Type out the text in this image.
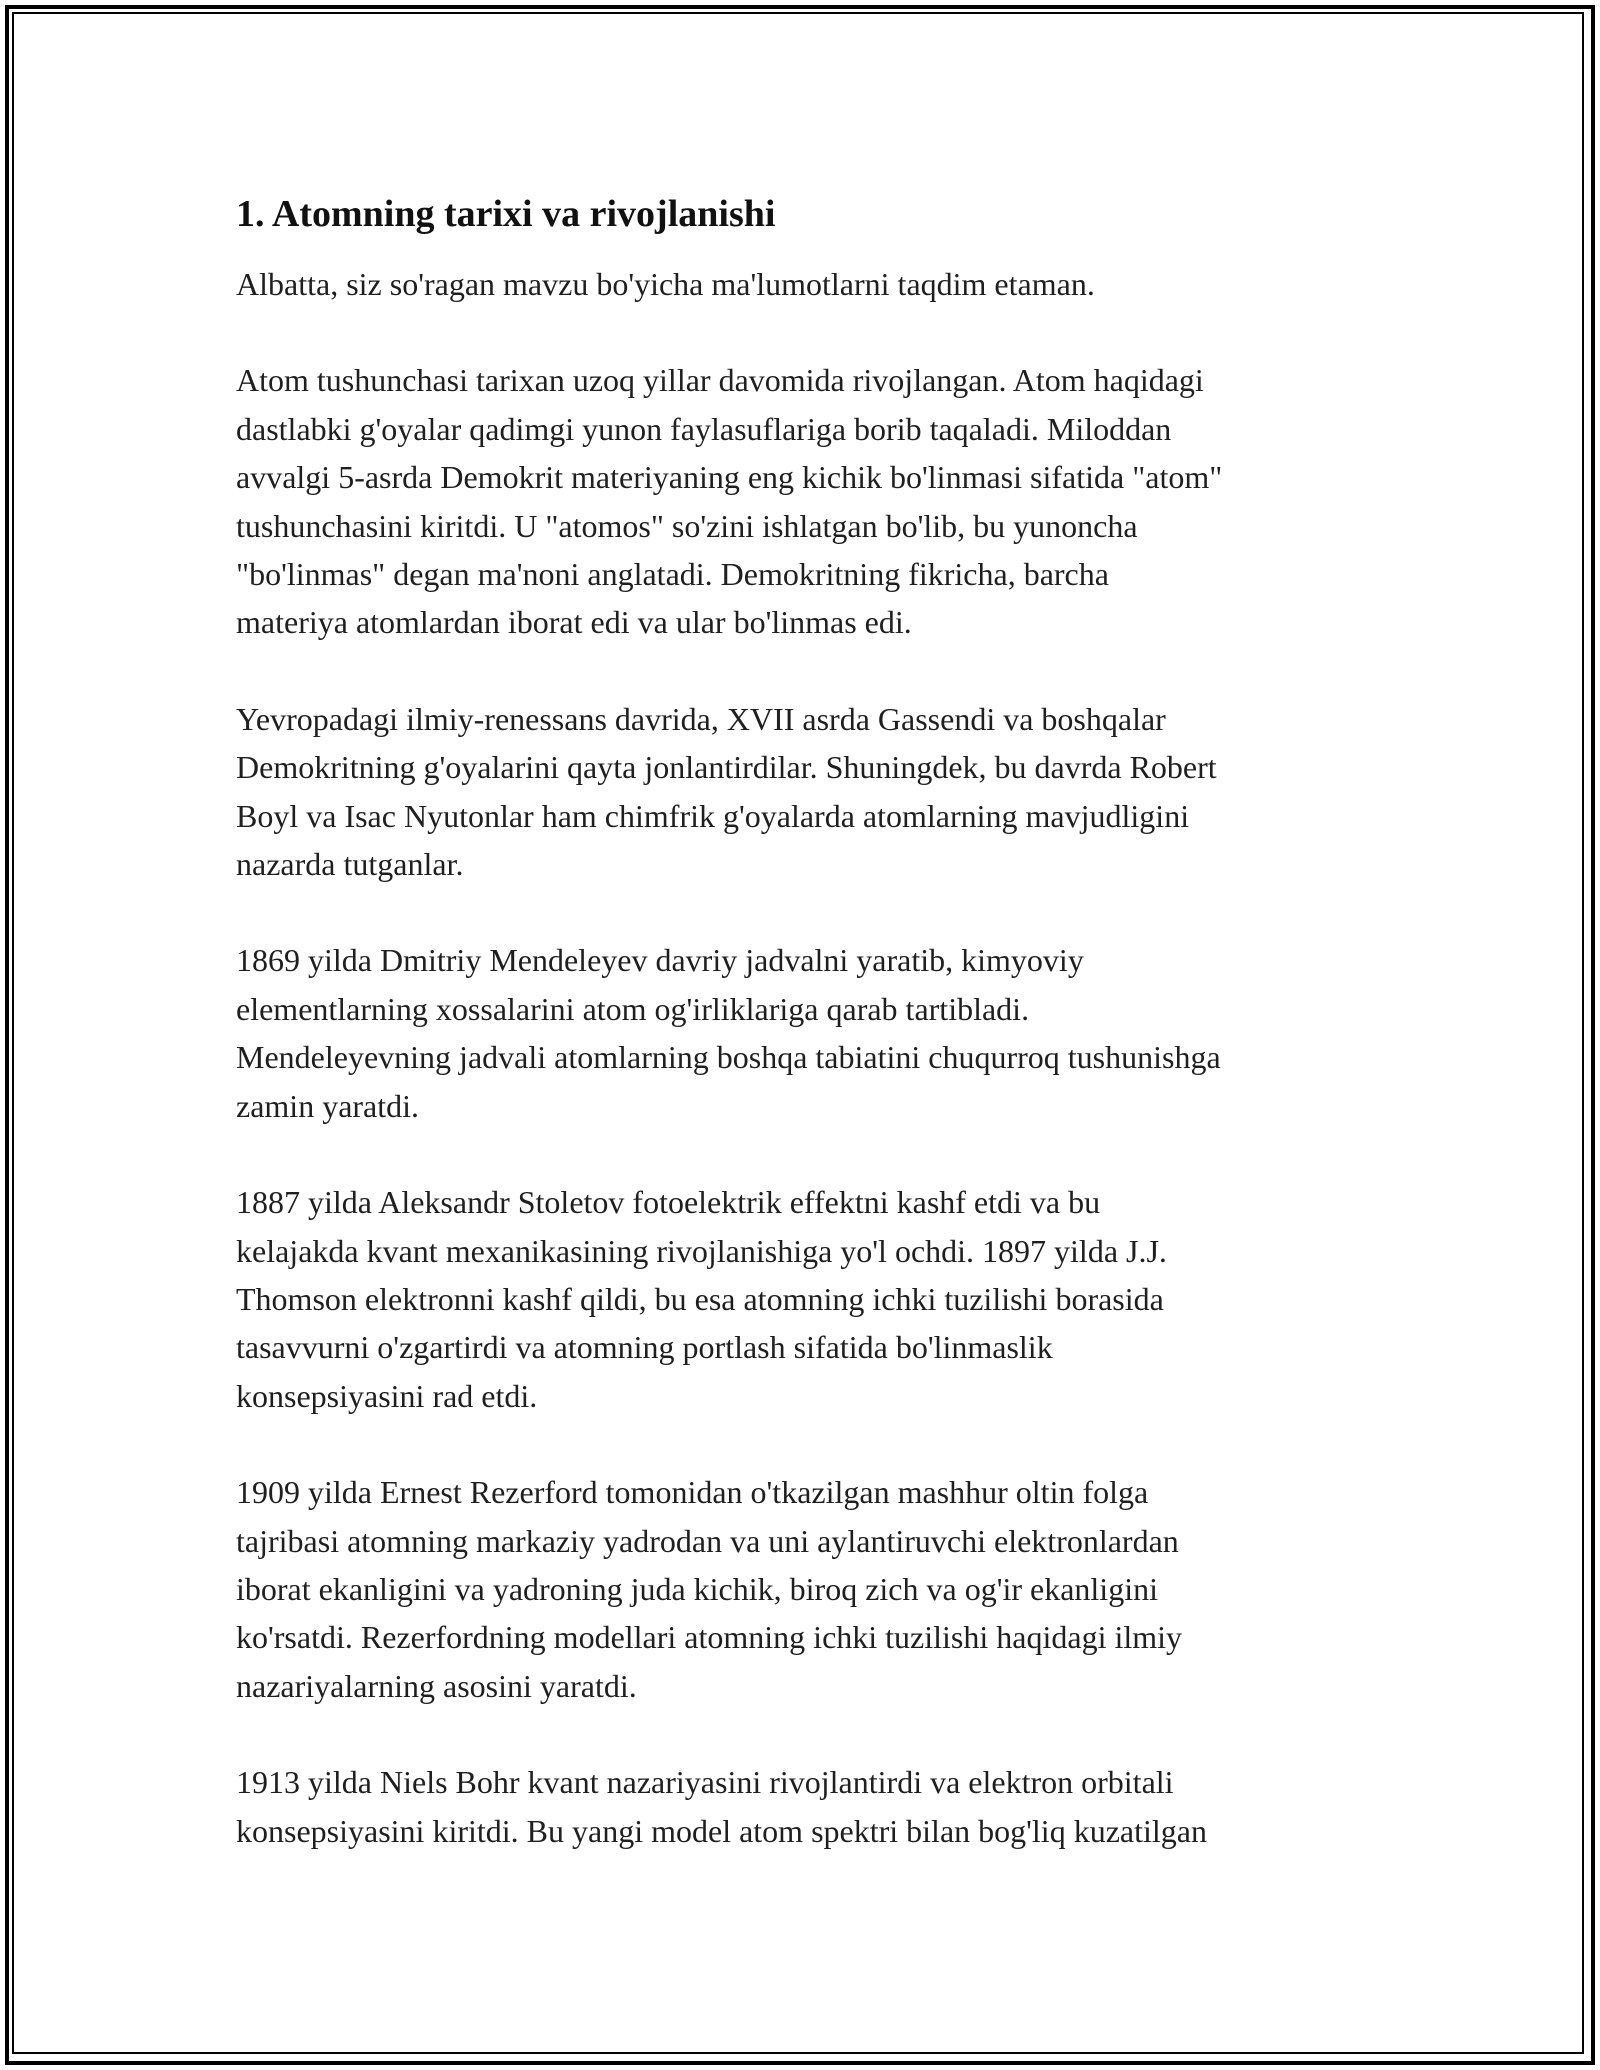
1. Atomning tarixi va rivojlanishi

Albatta, siz so'ragan mavzu bo'yicha ma'lumotlarni taqdim etaman.

Atom tushunchasi tarixan uzoq yillar davomida rivojlangan. Atom haqidagi
dastlabki g'oyalar qadimgi yunon faylasuflariga borib taqaladi. Miloddan
avvalgi 5-asrda Demokrit materiyaning eng kichik bo'linmasi sifatida "atom"
tushunchasini kiritdi. U "atomos" so'zini ishlatgan bo'lib, bu yunoncha
"bo'linmas" degan ma'noni anglatadi. Demokritning fikricha, barcha
materiya atomlardan iborat edi va ular bo'linmas edi.

Yevropadagi ilmiy-renessans davrida, XVII asrda Gassendi va boshqalar
Demokritning g'oyalarini qayta jonlantirdilar. Shuningdek, bu davrda Robert
Boyl va Isac Nyutonlar ham chimfrik g'oyalarda atomlarning mavjudligini
nazarda tutganlar.

1869 yilda Dmitriy Mendeleyev davriy jadvalni yaratib, kimyoviy
elementlarning xossalarini atom og'irliklariga qarab tartibladi.
Mendeleyevning jadvali atomlarning boshqa tabiatini chuqurroq tushunishga
zamin yaratdi.

1887 yilda Aleksandr Stoletov fotoelektrik effektni kashf etdi va bu
kelajakda kvant mexanikasining rivojlanishiga yo'l ochdi. 1897 yilda J.J.
Thomson elektronni kashf qildi, bu esa atomning ichki tuzilishi borasida
tasavvurni o'zgartirdi va atomning portlash sifatida bo'linmaslik
konsepsiyasini rad etdi.

1909 yilda Ernest Rezerford tomonidan o'tkazilgan mashhur oltin folga
tajribasi atomning markaziy yadrodan va uni aylantiruvchi elektronlardan
iborat ekanligini va yadroning juda kichik, biroq zich va og'ir ekanligini
ko'rsatdi. Rezerfordning modellari atomning ichki tuzilishi haqidagi ilmiy
nazariyalarning asosini yaratdi.

1913 yilda Niels Bohr kvant nazariyasini rivojlantirdi va elektron orbitali
konsepsiyasini kiritdi. Bu yangi model atom spektri bilan bog'liq kuzatilgan
